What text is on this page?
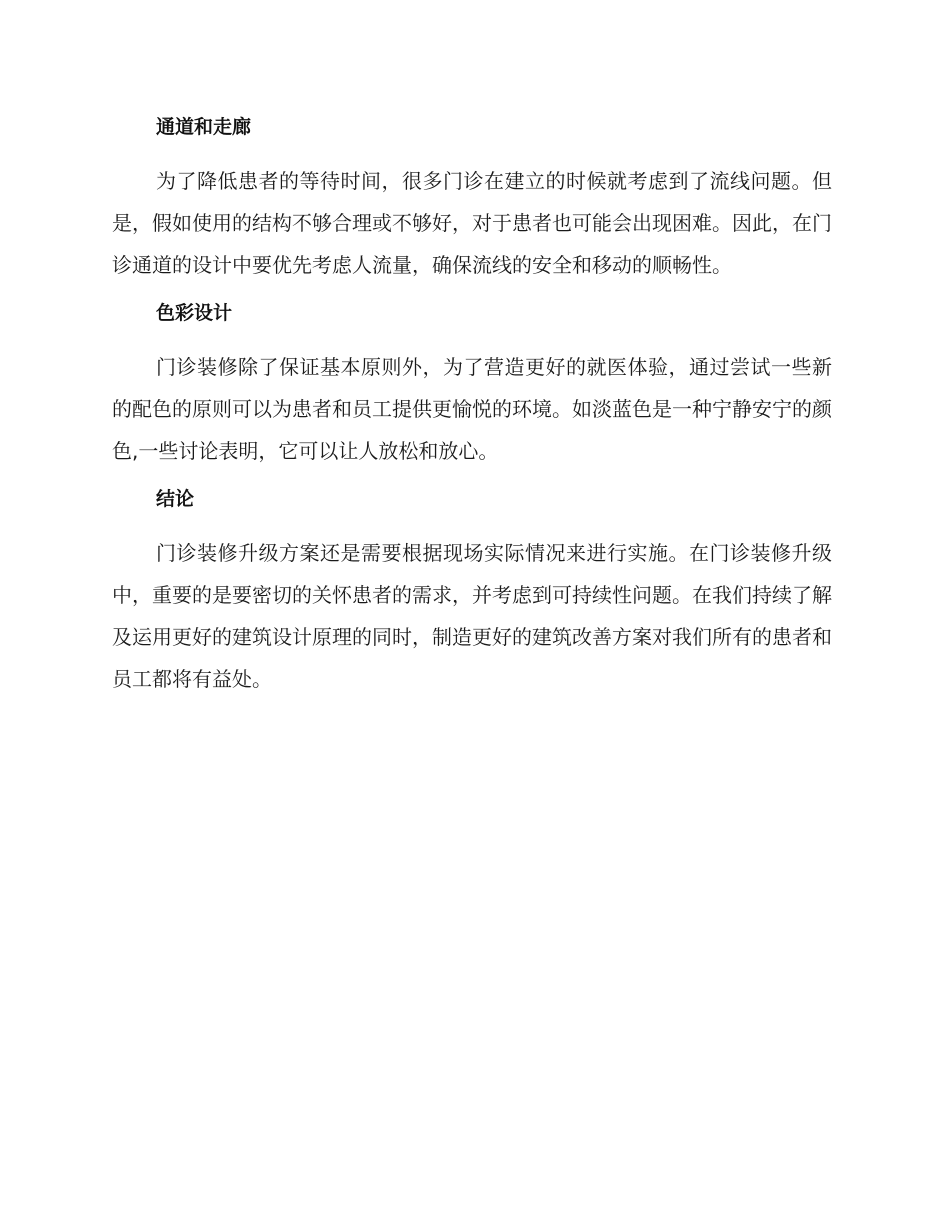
通道和走廊

为了降低患者的等待时间，很多门诊在建立的时候就考虑到了流线问题。但是，假如使用的结构不够合理或不够好，对于患者也可能会出现困难。因此，在门诊通道的设计中要优先考虑人流量，确保流线的安全和移动的顺畅性。

色彩设计

门诊装修除了保证基本原则外，为了营造更好的就医体验，通过尝试一些新的配色的原则可以为患者和员工提供更愉悦的环境。如淡蓝色是一种宁静安宁的颜色,一些讨论表明，它可以让人放松和放心。

结论

门诊装修升级方案还是需要根据现场实际情况来进行实施。在门诊装修升级中，重要的是要密切的关怀患者的需求，并考虑到可持续性问题。在我们持续了解及运用更好的建筑设计原理的同时，制造更好的建筑改善方案对我们所有的患者和员工都将有益处。
